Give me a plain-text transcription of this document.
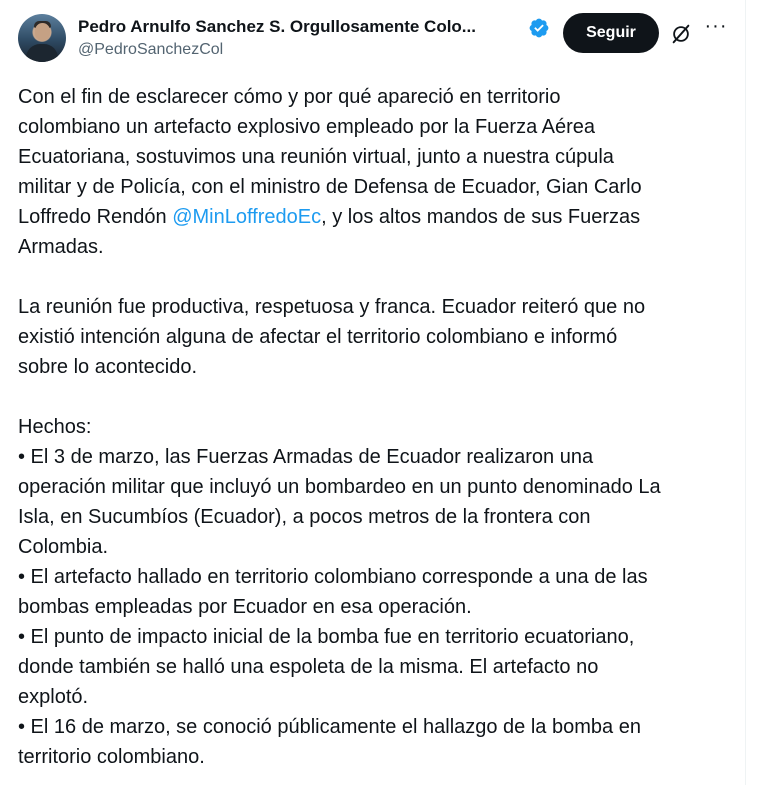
Pedro Arnulfo Sanchez S. Orgullosamente Colo...
@PedroSanchezCol
Seguir	···

Con el fin de esclarecer cómo y por qué apareció en territorio
colombiano un artefacto explosivo empleado por la Fuerza Aérea
Ecuatoriana, sostuvimos una reunión virtual, junto a nuestra cúpula
militar y de Policía, con el ministro de Defensa de Ecuador, Gian Carlo
Loffredo Rendón @MinLoffredoEc, y los altos mandos de sus Fuerzas
Armadas.

La reunión fue productiva, respetuosa y franca. Ecuador reiteró que no
existió intención alguna de afectar el territorio colombiano e informó
sobre lo acontecido.

Hechos:
• El 3 de marzo, las Fuerzas Armadas de Ecuador realizaron una
operación militar que incluyó un bombardeo en un punto denominado La
Isla, en Sucumbíos (Ecuador), a pocos metros de la frontera con
Colombia.
• El artefacto hallado en territorio colombiano corresponde a una de las
bombas empleadas por Ecuador en esa operación.
• El punto de impacto inicial de la bomba fue en territorio ecuatoriano,
donde también se halló una espoleta de la misma. El artefacto no
explotó.
• El 16 de marzo, se conoció públicamente el hallazgo de la bomba en
territorio colombiano.
